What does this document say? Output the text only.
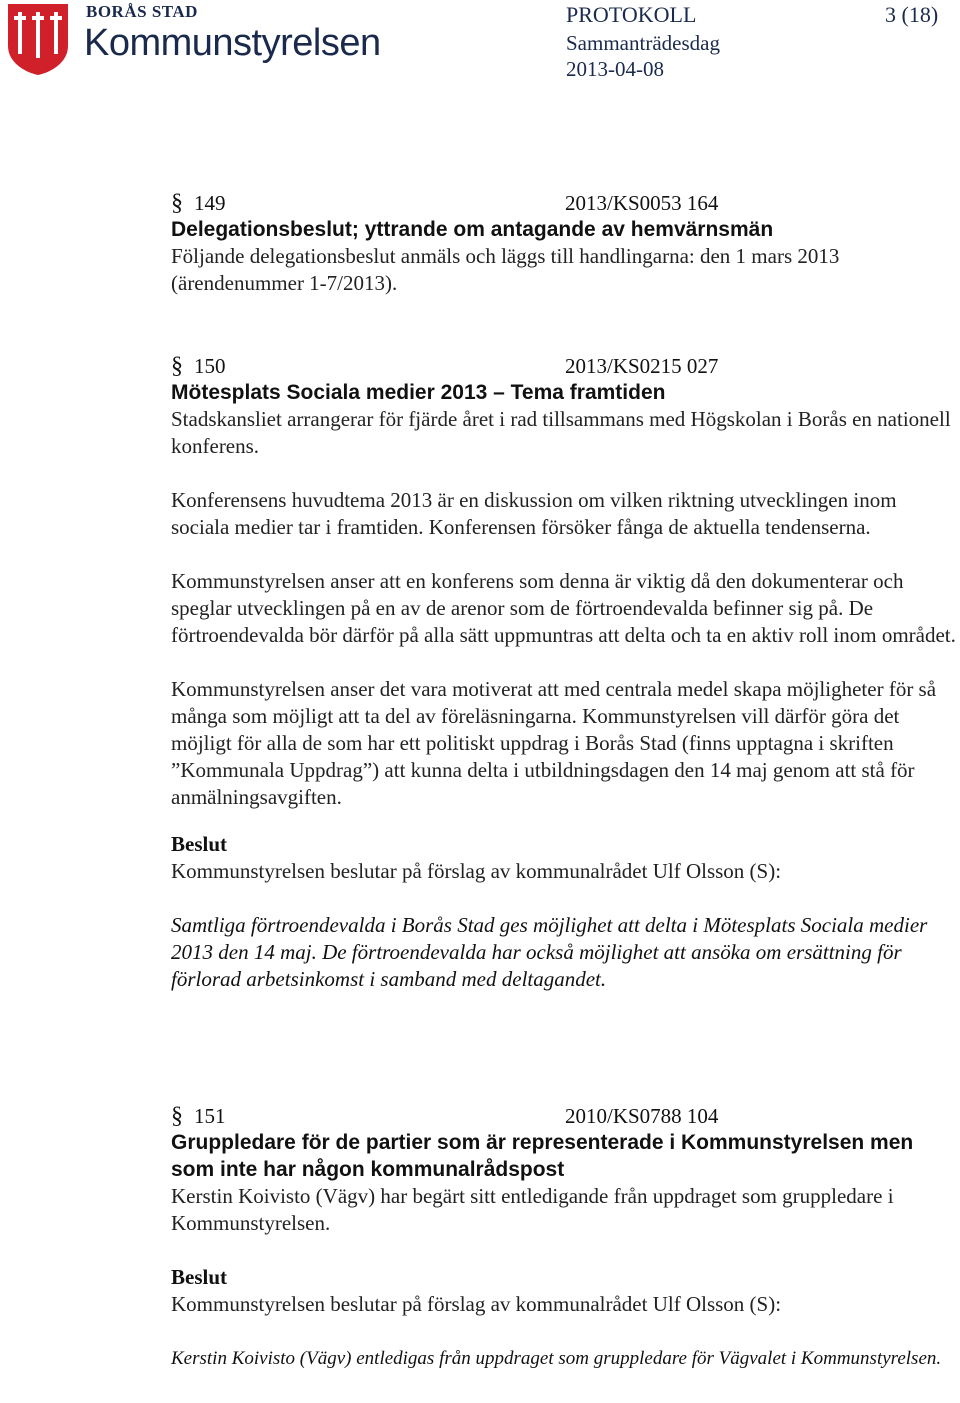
BORÅS STAD
Kommunstyrelsen
PROTOKOLL	3 (18)
Sammanträdesdag
2013-04-08
§ 149	2013/KS0053 164

Delegationsbeslut; yttrande om antagande av hemvärnsmän

Följande delegationsbeslut anmäls och läggs till handlingarna: den 1 mars 2013 (ärendenummer 1-7/2013).

§ 150	2013/KS0215 027

Mötesplats Sociala medier 2013 – Tema framtiden

Stadskansliet arrangerar för fjärde året i rad tillsammans med Högskolan i Borås en nationell konferens.

Konferensens huvudtema 2013 är en diskussion om vilken riktning utvecklingen inom sociala medier tar i framtiden. Konferensen försöker fånga de aktuella tendenserna.

Kommunstyrelsen anser att en konferens som denna är viktig då den dokumenterar och speglar utvecklingen på en av de arenor som de förtroendevalda befinner sig på. De förtroendevalda bör därför på alla sätt uppmuntras att delta och ta en aktiv roll inom området.

Kommunstyrelsen anser det vara motiverat att med centrala medel skapa möjligheter för så många som möjligt att ta del av föreläsningarna. Kommunstyrelsen vill därför göra det möjligt för alla de som har ett politiskt uppdrag i Borås Stad (finns upptagna i skriften ”Kommunala Uppdrag”) att kunna delta i utbildningsdagen den 14 maj genom att stå för anmälningsavgiften.

Beslut

Kommunstyrelsen beslutar på förslag av kommunalrådet Ulf Olsson (S):

Samtliga förtroendevalda i Borås Stad ges möjlighet att delta i Mötesplats Sociala medier 2013 den 14 maj. De förtroendevalda har också möjlighet att ansöka om ersättning för förlorad arbetsinkomst i samband med deltagandet.

§ 151	2010/KS0788 104

Gruppledare för de partier som är representerade i Kommunstyrelsen men som inte har någon kommunalrådspost

Kerstin Koivisto (Vägv) har begärt sitt entledigande från uppdraget som gruppledare i Kommunstyrelsen.

Beslut

Kommunstyrelsen beslutar på förslag av kommunalrådet Ulf Olsson (S):

Kerstin Koivisto (Vägv) entledigas från uppdraget som gruppledare för Vägvalet i Kommunstyrelsen.
